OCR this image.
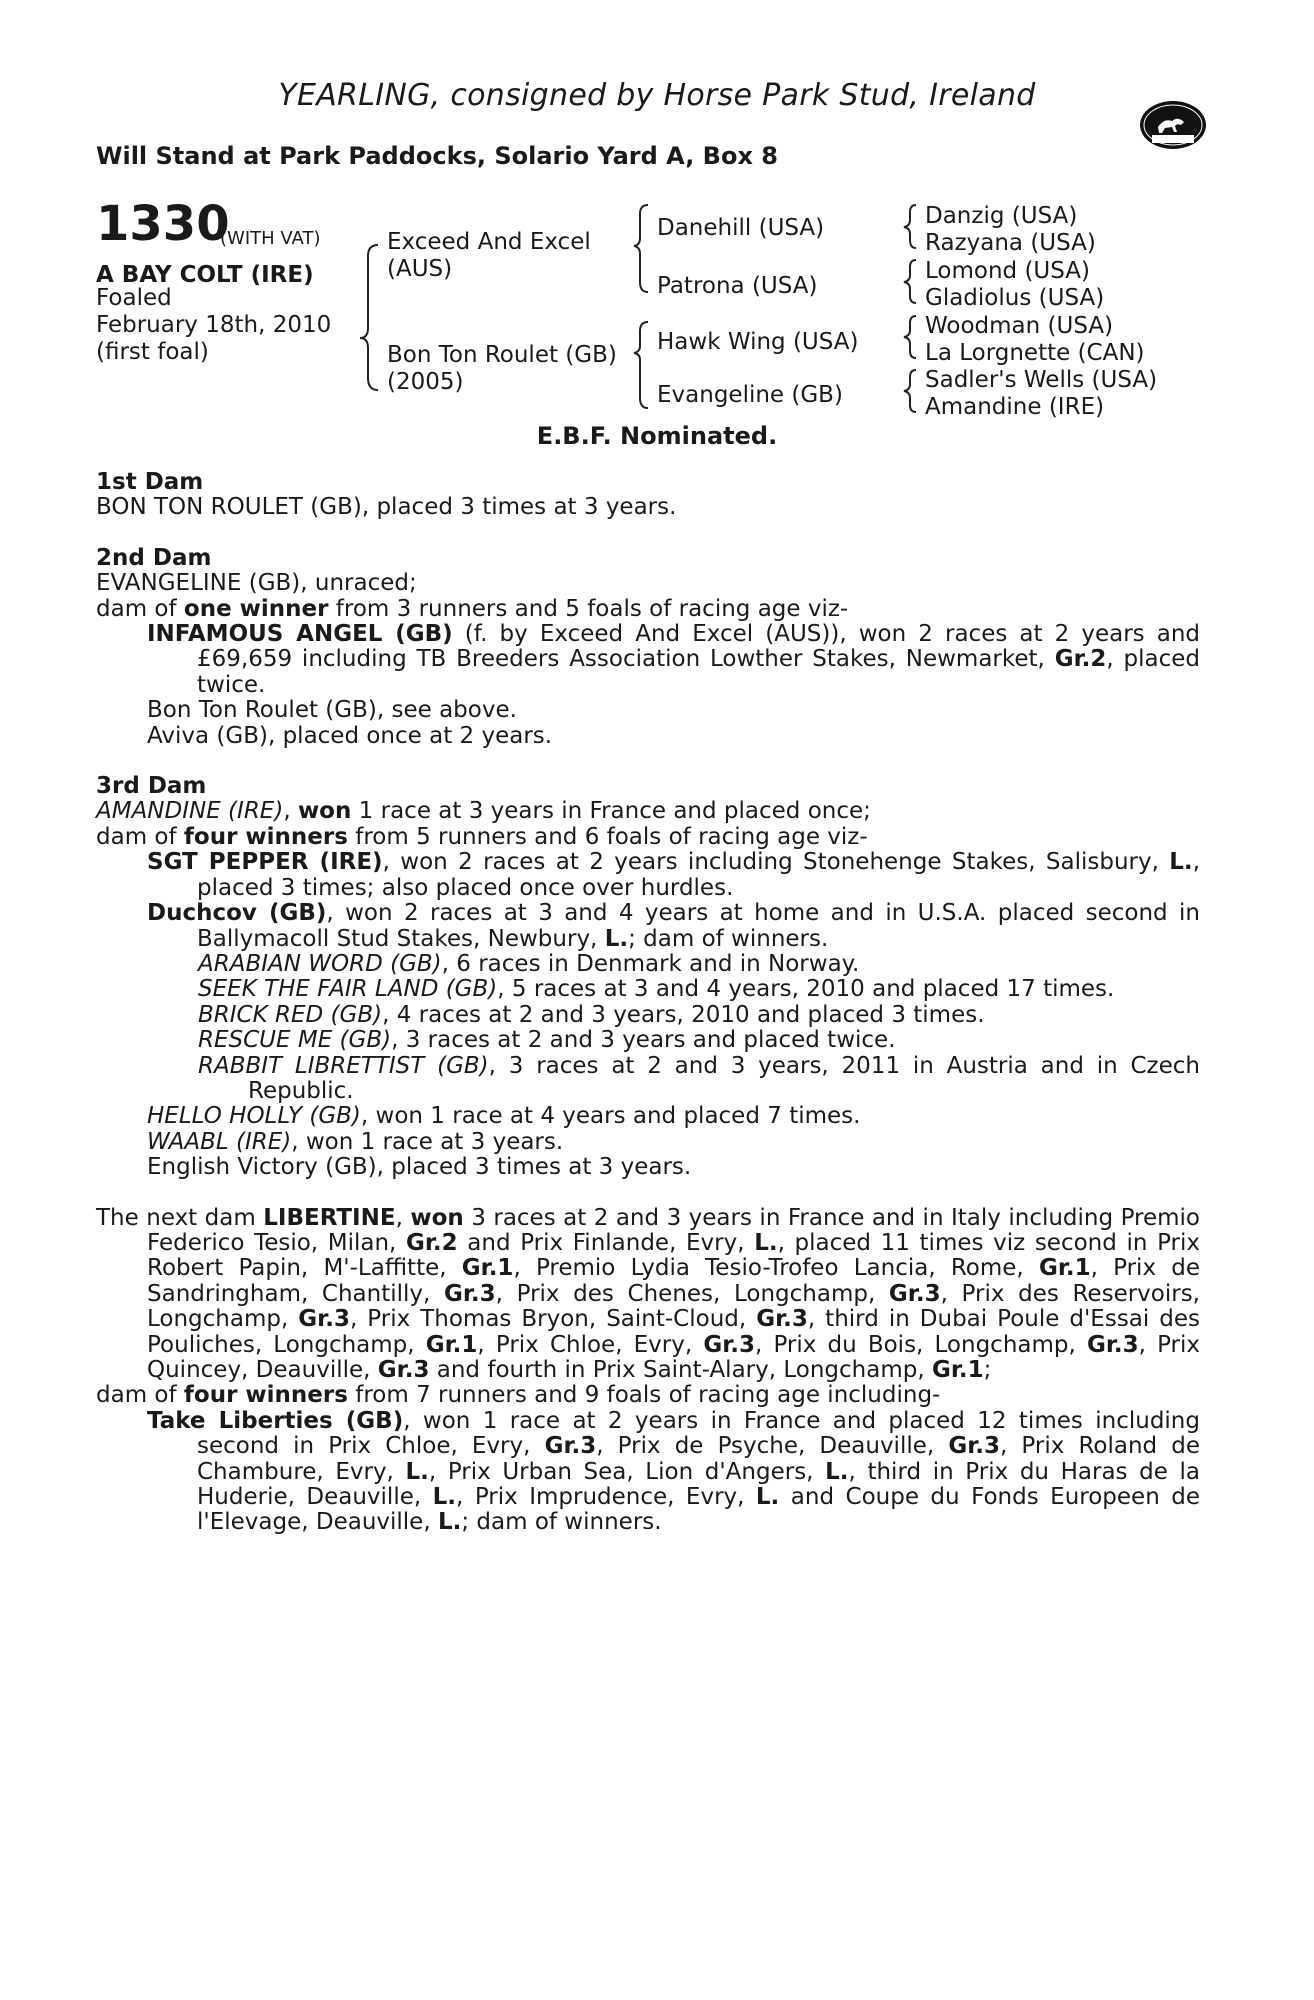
YEARLING, consigned by Horse Park Stud, Ireland
Will Stand at Park Paddocks, Solario Yard A, Box 8
1330
(WITH VAT)
A BAY COLT (IRE)
Foaled
February 18th, 2010
(first foal)
Exceed And Excel
(AUS)
Bon Ton Roulet (GB)
(2005)
Danehill (USA)
Patrona (USA)
Hawk Wing (USA)
Evangeline (GB)
Danzig (USA)
Razyana (USA)
Lomond (USA)
Gladiolus (USA)
Woodman (USA)
La Lorgnette (CAN)
Sadler's Wells (USA)
Amandine (IRE)
E.B.F. Nominated.
1st Dam

BON TON ROULET (GB), placed 3 times at 3 years.

2nd Dam

EVANGELINE (GB), unraced;

dam of one winner from 3 runners and 5 foals of racing age viz-

INFAMOUS ANGEL (GB) (f. by Exceed And Excel (AUS)), won 2 races at 2 years and £69,659 including TB Breeders Association Lowther Stakes, Newmarket, Gr.2, placed twice.

Bon Ton Roulet (GB), see above.

Aviva (GB), placed once at 2 years.

3rd Dam

AMANDINE (IRE), won 1 race at 3 years in France and placed once;

dam of four winners from 5 runners and 6 foals of racing age viz-

SGT PEPPER (IRE), won 2 races at 2 years including Stonehenge Stakes, Salisbury, L., placed 3 times; also placed once over hurdles.

Duchcov (GB), won 2 races at 3 and 4 years at home and in U.S.A. placed second in Ballymacoll Stud Stakes, Newbury, L.; dam of winners.

ARABIAN WORD (GB), 6 races in Denmark and in Norway.

SEEK THE FAIR LAND (GB), 5 races at 3 and 4 years, 2010 and placed 17 times.

BRICK RED (GB), 4 races at 2 and 3 years, 2010 and placed 3 times.

RESCUE ME (GB), 3 races at 2 and 3 years and placed twice.

RABBIT LIBRETTIST (GB), 3 races at 2 and 3 years, 2011 in Austria and in Czech Republic.

HELLO HOLLY (GB), won 1 race at 4 years and placed 7 times.

WAABL (IRE), won 1 race at 3 years.

English Victory (GB), placed 3 times at 3 years.

The next dam LIBERTINE, won 3 races at 2 and 3 years in France and in Italy including Premio Federico Tesio, Milan, Gr.2 and Prix Finlande, Evry, L., placed 11 times viz second in Prix Robert Papin, M'-Laffitte, Gr.1, Premio Lydia Tesio-Trofeo Lancia, Rome, Gr.1, Prix de Sandringham, Chantilly, Gr.3, Prix des Chenes, Longchamp, Gr.3, Prix des Reservoirs, Longchamp, Gr.3, Prix Thomas Bryon, Saint-Cloud, Gr.3, third in Dubai Poule d'Essai des Pouliches, Longchamp, Gr.1, Prix Chloe, Evry, Gr.3, Prix du Bois, Longchamp, Gr.3, Prix Quincey, Deauville, Gr.3 and fourth in Prix Saint-Alary, Longchamp, Gr.1;

dam of four winners from 7 runners and 9 foals of racing age including-

Take Liberties (GB), won 1 race at 2 years in France and placed 12 times including second in Prix Chloe, Evry, Gr.3, Prix de Psyche, Deauville, Gr.3, Prix Roland de Chambure, Evry, L., Prix Urban Sea, Lion d'Angers, L., third in Prix du Haras de la Huderie, Deauville, L., Prix Imprudence, Evry, L. and Coupe du Fonds Europeen de l'Elevage, Deauville, L.; dam of winners.
